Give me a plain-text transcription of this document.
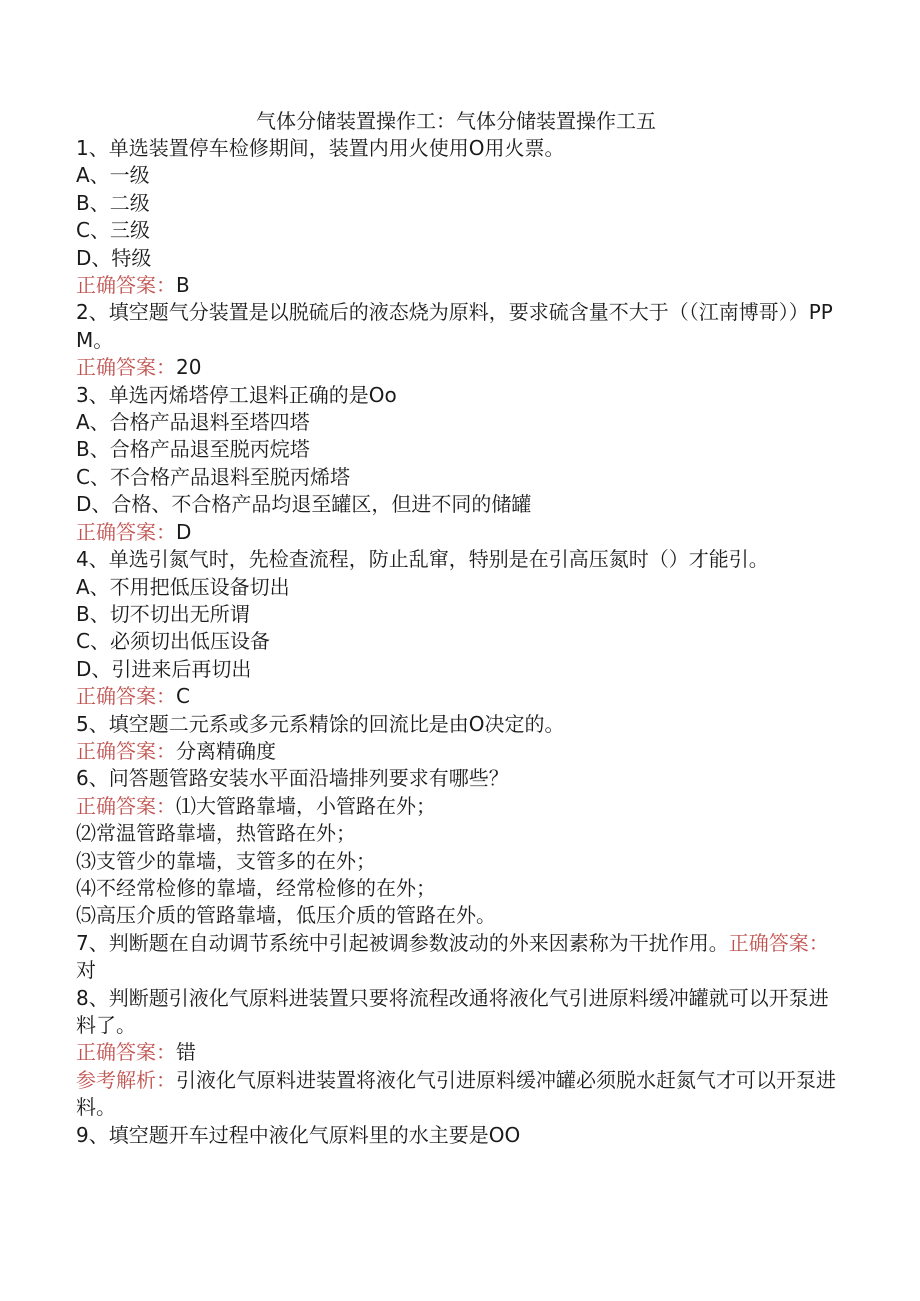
气体分储装置操作工：气体分储装置操作工五

1、单选装置停车检修期间，装置内用火使用O用火票。

A、一级

B、二级

C、三级

D、特级

正确答案：B

2、填空题气分装置是以脱硫后的液态烧为原料，要求硫含量不大于（（江南博哥））PPM。

正确答案：20

3、单选丙烯塔停工退料正确的是Oo

A、合格产品退料至塔四塔

B、合格产品退至脱丙烷塔

C、不合格产品退料至脱丙烯塔

D、合格、不合格产品均退至罐区，但进不同的储罐

正确答案：D

4、单选引氮气时，先检查流程，防止乱窜，特别是在引高压氮时（）才能引。

A、不用把低压设备切出

B、切不切出无所谓

C、必须切出低压设备

D、引进来后再切出

正确答案：C

5、填空题二元系或多元系精馀的回流比是由O决定的。

正确答案：分离精确度

6、问答题管路安装水平面沿墙排列要求有哪些？

正确答案：⑴大管路靠墙，小管路在外；

⑵常温管路靠墙，热管路在外；

⑶支管少的靠墙，支管多的在外；

⑷不经常检修的靠墙，经常检修的在外；

⑸高压介质的管路靠墙，低压介质的管路在外。

7、判断题在自动调节系统中引起被调参数波动的外来因素称为干扰作用。正确答案：对

8、判断题引液化气原料进装置只要将流程改通将液化气引进原料缓冲罐就可以开泵进料了。

正确答案：错

参考解析：引液化气原料进装置将液化气引进原料缓冲罐必须脱水赶氮气才可以开泵进料。

9、填空题开车过程中液化气原料里的水主要是OO
